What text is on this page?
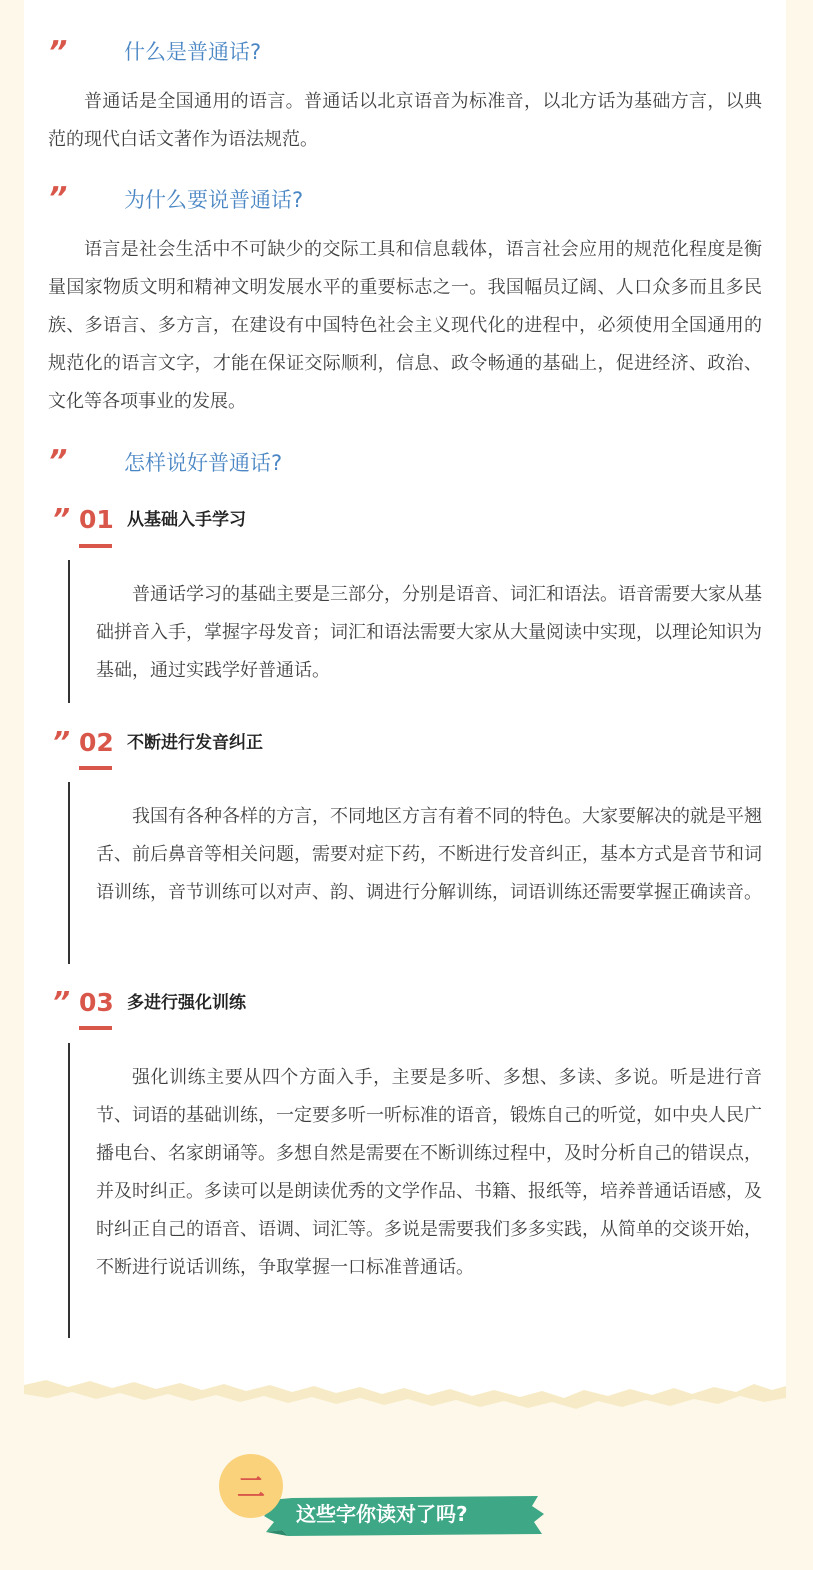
”	什么是普通话?

普通话是全国通用的语言。普通话以北京语音为标准音，以北方话为基础方言，以典范的现代白话文著作为语法规范。

”	为什么要说普通话?

语言是社会生活中不可缺少的交际工具和信息载体，语言社会应用的规范化程度是衡量国家物质文明和精神文明发展水平的重要标志之一。我国幅员辽阔、人口众多而且多民族、多语言、多方言，在建设有中国特色社会主义现代化的进程中，必须使用全国通用的规范化的语言文字，才能在保证交际顺利，信息、政令畅通的基础上，促进经济、政治、文化等各项事业的发展。

”	怎样说好普通话?
” 01 从基础入手学习

普通话学习的基础主要是三部分，分别是语音、词汇和语法。语音需要大家从基础拼音入手，掌握字母发音；词汇和语法需要大家从大量阅读中实现，以理论知识为基础，通过实践学好普通话。

” 02 不断进行发音纠正

我国有各种各样的方言，不同地区方言有着不同的特色。大家要解决的就是平翘舌、前后鼻音等相关问题，需要对症下药，不断进行发音纠正，基本方式是音节和词语训练，音节训练可以对声、韵、调进行分解训练，词语训练还需要掌握正确读音。

” 03 多进行强化训练

强化训练主要从四个方面入手，主要是多听、多想、多读、多说。听是进行音节、词语的基础训练，一定要多听一听标准的语音，锻炼自己的听觉，如中央人民广播电台、名家朗诵等。多想自然是需要在不断训练过程中，及时分析自己的错误点，并及时纠正。多读可以是朗读优秀的文学作品、书籍、报纸等，培养普通话语感，及时纠正自己的语音、语调、词汇等。多说是需要我们多多实践，从简单的交谈开始，不断进行说话训练，争取掌握一口标准普通话。

二
这些字你读对了吗?
